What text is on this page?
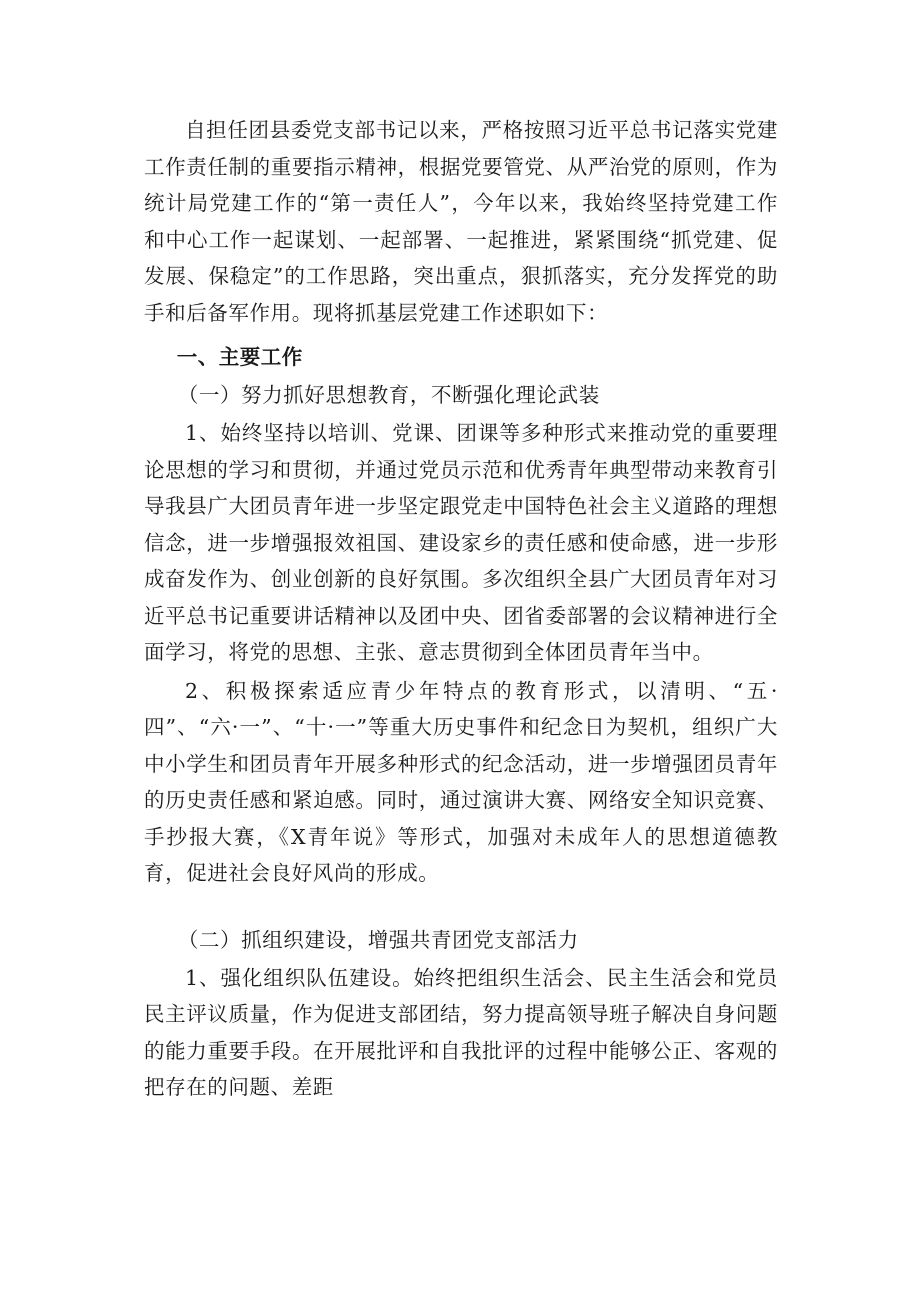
自担任团县委党支部书记以来，严格按照习近平总书记落实党建工作责任制的重要指示精神，根据党要管党、从严治党的原则，作为统计局党建工作的“第一责任人”，今年以来，我始终坚持党建工作和中心工作一起谋划、一起部署、一起推进，紧紧围绕“抓党建、促发展、保稳定”的工作思路，突出重点，狠抓落实，充分发挥党的助手和后备军作用。现将抓基层党建工作述职如下：

一、主要工作
（一）努力抓好思想教育，不断强化理论武装

1、始终坚持以培训、党课、团课等多种形式来推动党的重要理论思想的学习和贯彻，并通过党员示范和优秀青年典型带动来教育引导我县广大团员青年进一步坚定跟党走中国特色社会主义道路的理想信念，进一步增强报效祖国、建设家乡的责任感和使命感，进一步形成奋发作为、创业创新的良好氛围。多次组织全县广大团员青年对习近平总书记重要讲话精神以及团中央、团省委部署的会议精神进行全面学习，将党的思想、主张、意志贯彻到全体团员青年当中。

2、积极探索适应青少年特点的教育形式，以清明、“五·四”、“六·一”、“十·一”等重大历史事件和纪念日为契机，组织广大中小学生和团员青年开展多种形式的纪念活动，进一步增强团员青年的历史责任感和紧迫感。同时，通过演讲大赛、网络安全知识竞赛、手抄报大赛，《X青年说》等形式，加强对未成年人的思想道德教育，促进社会良好风尚的形成。

（二）抓组织建设，增强共青团党支部活力

1、强化组织队伍建设。始终把组织生活会、民主生活会和党员民主评议质量，作为促进支部团结，努力提高领导班子解决自身问题的能力重要手段。在开展批评和自我批评的过程中能够公正、客观的把存在的问题、差距
